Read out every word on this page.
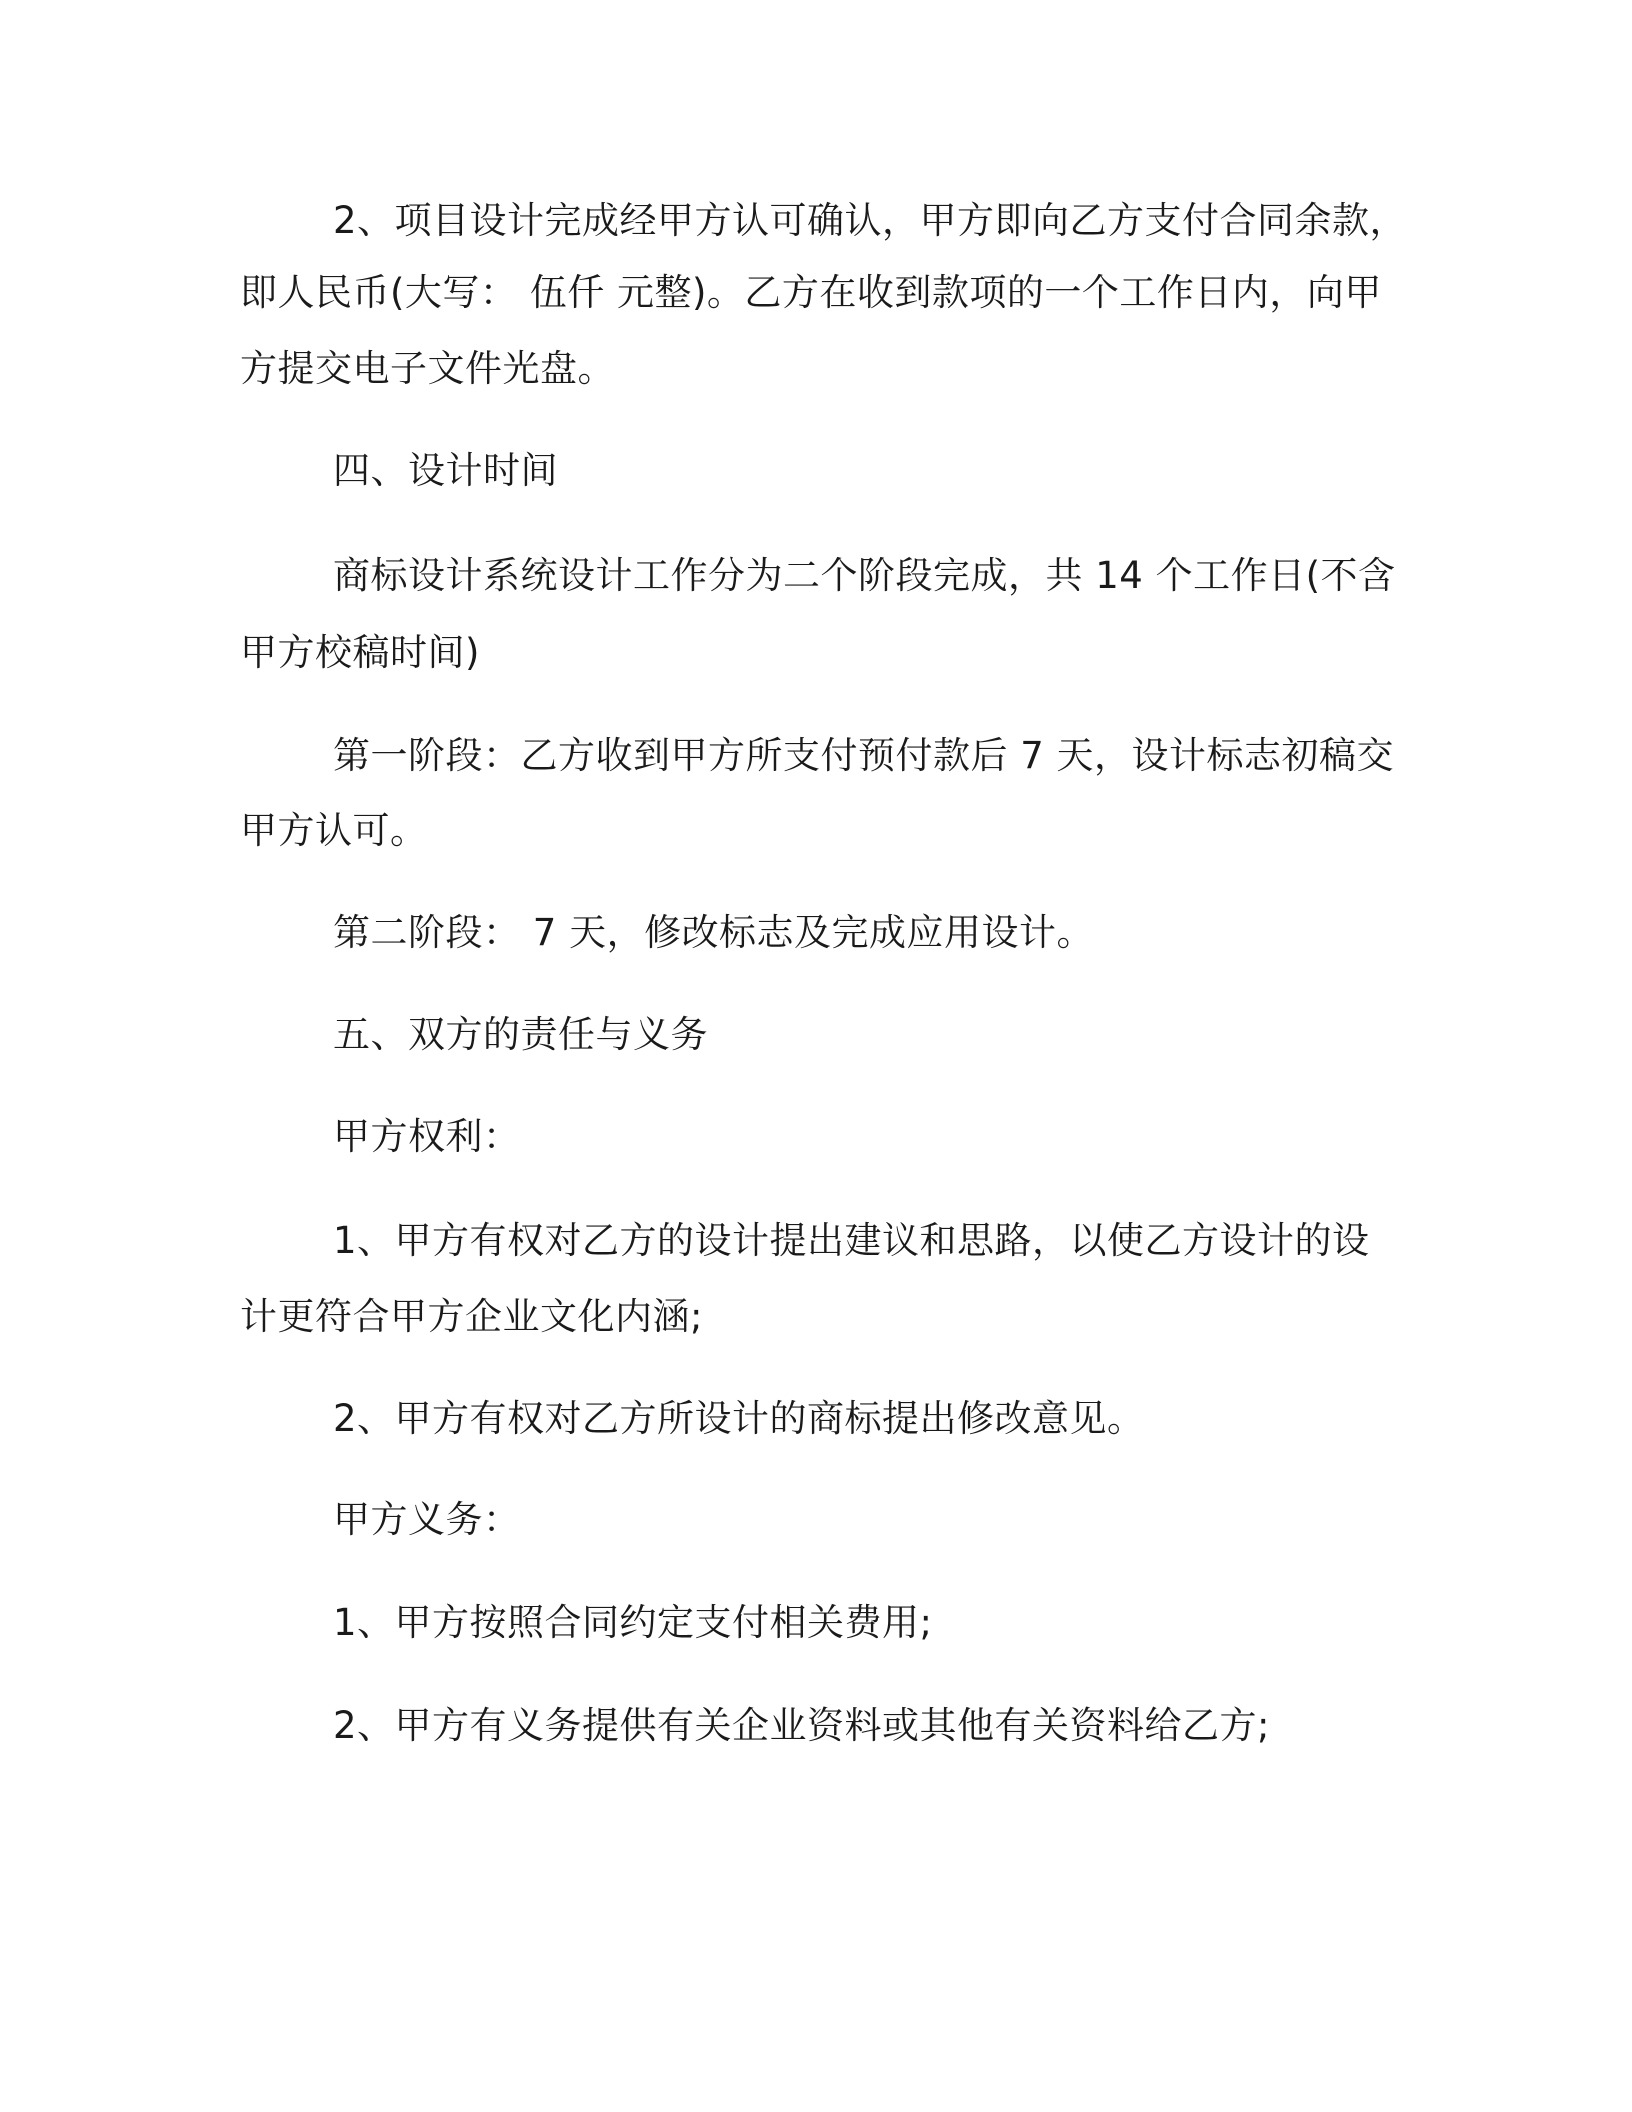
2、项目设计完成经甲方认可确认，甲方即向乙方支付合同余款，
即人民币(大写： 伍仟 元整)。乙方在收到款项的一个工作日内，向甲
方提交电子文件光盘。
四、设计时间
商标设计系统设计工作分为二个阶段完成，共 14 个工作日(不含
甲方校稿时间)
第一阶段：乙方收到甲方所支付预付款后 7 天，设计标志初稿交
甲方认可。
第二阶段： 7 天，修改标志及完成应用设计。
五、双方的责任与义务
甲方权利：
1、甲方有权对乙方的设计提出建议和思路，以使乙方设计的设
计更符合甲方企业文化内涵;
2、甲方有权对乙方所设计的商标提出修改意见。
甲方义务：
1、甲方按照合同约定支付相关费用;
2、甲方有义务提供有关企业资料或其他有关资料给乙方;
